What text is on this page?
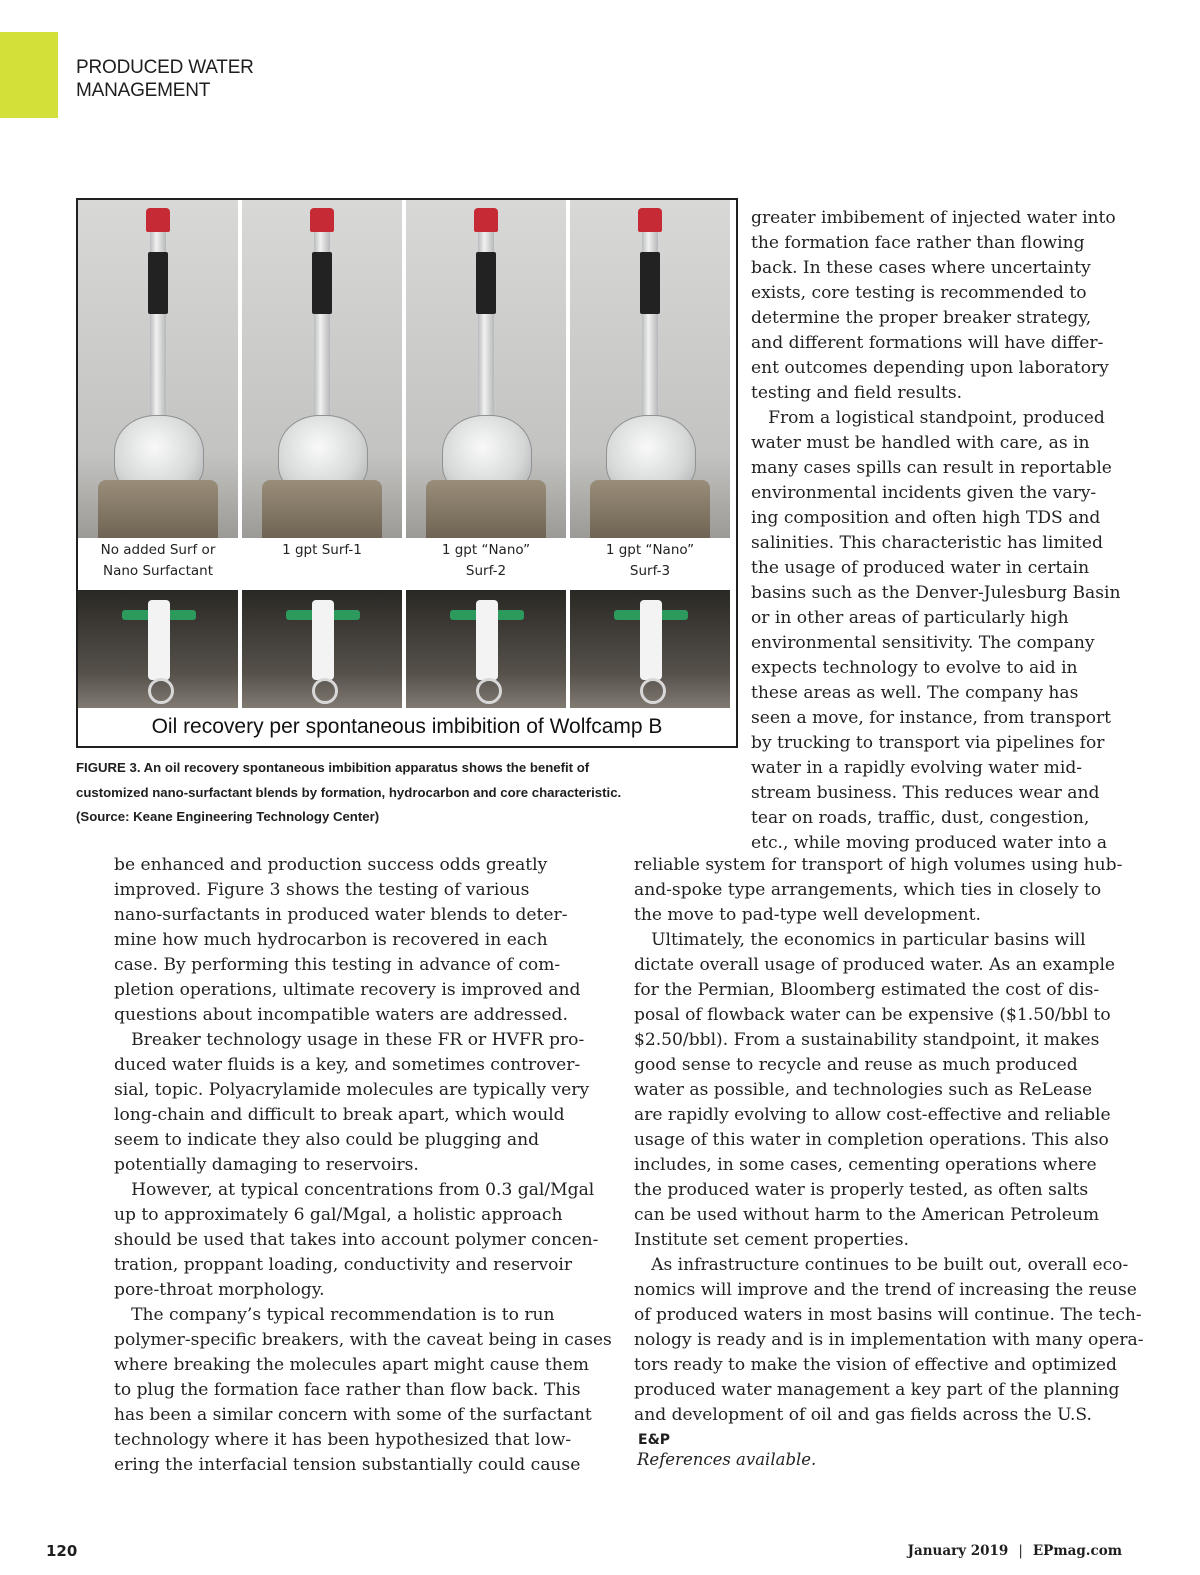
PRODUCED WATER
MANAGEMENT
No added Surf or
Nano Surfactant
1 gpt Surf-1	1 gpt “Nano”
Surf-2
1 gpt “Nano”
Surf-3
Oil recovery per spontaneous imbibition of Wolfcamp B
FIGURE 3. An oil recovery spontaneous imbibition apparatus shows the benefit of
customized nano-surfactant blends by formation, hydrocarbon and core characteristic.
(Source: Keane Engineering Technology Center)
greater imbibement of injected water into
the formation face rather than flowing
back. In these cases where uncertainty
exists, core testing is recommended to
determine the proper breaker strategy,
and different formations will have differ-
ent outcomes depending upon laboratory
testing and field results.
 From a logistical standpoint, produced
water must be handled with care, as in
many cases spills can result in reportable
environmental incidents given the vary-
ing composition and often high TDS and
salinities. This characteristic has limited
the usage of produced water in certain
basins such as the Denver-Julesburg Basin
or in other areas of particularly high
environmental sensitivity. The company
expects technology to evolve to aid in
these areas as well. The company has
seen a move, for instance, from transport
by trucking to transport via pipelines for
water in a rapidly evolving water mid-
stream business. This reduces wear and
tear on roads, traffic, dust, congestion,
etc., while moving produced water into a
reliable system for transport of high volumes using hub-
and-spoke type arrangements, which ties in closely to
the move to pad-type well development.
 Ultimately, the economics in particular basins will
dictate overall usage of produced water. As an example
for the Permian, Bloomberg estimated the cost of dis-
posal of flowback water can be expensive ($1.50/bbl to
$2.50/bbl). From a sustainability standpoint, it makes
good sense to recycle and reuse as much produced
water as possible, and technologies such as ReLease
are rapidly evolving to allow cost-effective and reliable
usage of this water in completion operations. This also
includes, in some cases, cementing operations where
the produced water is properly tested, as often salts
can be used without harm to the American Petroleum
Institute set cement properties.
 As infrastructure continues to be built out, overall eco-
nomics will improve and the trend of increasing the reuse
of produced waters in most basins will continue. The tech-
nology is ready and is in implementation with many opera-
tors ready to make the vision of effective and optimized
produced water management a key part of the planning
and development of oil and gas fields across the U.S.
E&P
References available.
be enhanced and production success odds greatly
improved. Figure 3 shows the testing of various
nano-surfactants in produced water blends to deter-
mine how much hydrocarbon is recovered in each
case. By performing this testing in advance of com-
pletion operations, ultimate recovery is improved and
questions about incompatible waters are addressed.
 Breaker technology usage in these FR or HVFR pro-
duced water fluids is a key, and sometimes controver-
sial, topic. Polyacrylamide molecules are typically very
long-chain and difficult to break apart, which would
seem to indicate they also could be plugging and
potentially damaging to reservoirs.
 However, at typical concentrations from 0.3 gal/Mgal
up to approximately 6 gal/Mgal, a holistic approach
should be used that takes into account polymer concen-
tration, proppant loading, conductivity and reservoir
pore-throat morphology.
 The company’s typical recommendation is to run
polymer-specific breakers, with the caveat being in cases
where breaking the molecules apart might cause them
to plug the formation face rather than flow back. This
has been a similar concern with some of the surfactant
technology where it has been hypothesized that low-
ering the interfacial tension substantially could cause
120	January 2019 | EPmag.com
